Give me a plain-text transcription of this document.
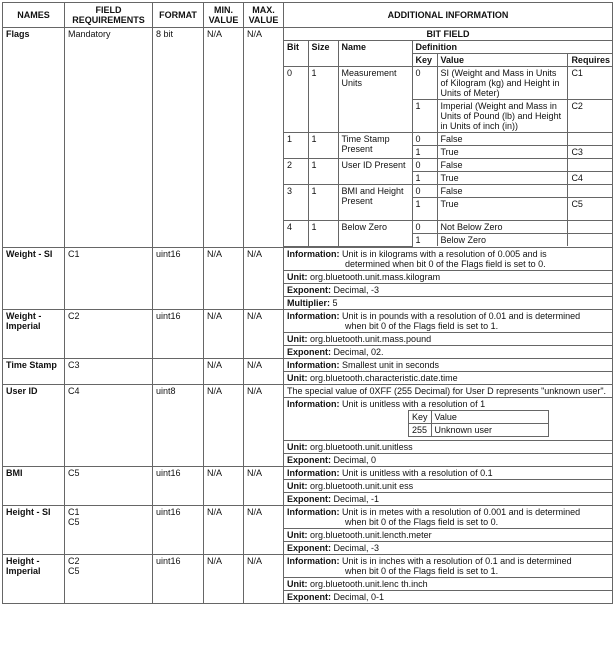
NAMES	FIELD REQUIREMENTS	FORMAT	MIN. VALUE	MAX. VALUE	ADDITIONAL INFORMATION
Flags	Mandatory	8 bit	N/A	N/A		BIT FIELD
Bit	Size	Name	Definition
Key	Value	Requires
0	1	Measurement Units	0	SI (Weight and Mass in Units of Kilogram (kg) and Height in Units of Meter)	C1
1	Imperial (Weight and Mass in Units of Pound (lb) and Height in Units of inch (in))	C2
1	1	Time Stamp Present	0	False	
1	True	C3
2	1	User ID Present	0	False	
1	True	C4
3	1	BMI and Height Present	0	False	
1	True	C5
4	1	Below Zero	0	Not Below Zero	
1	Below Zero	

Weight - SI	C1	uint16	N/A	N/A	Information: Unit is in kilograms with a resolution of 0.005 and is
determined when bit 0 of the Flags field is set to 0.
Unit: org.bluetooth.unit.mass.kilogram
Exponent: Decimal, -3
Multiplier: 5

Weight - Imperial	C2	uint16	N/A	N/A	Information: Unit is in pounds with a resolution of 0.01 and is determined
when bit 0 of the Flags field is set to 1.
Unit: org.bluetooth.unit.mass.pound
Exponent: Decimal, 02.

Time Stamp	C3		N/A	N/A	Information: Smallest unit in seconds
Unit: org.bluetooth.characteristic.date.time

User ID	C4	uint8	N/A	N/A	The special value of 0XFF (255 Decimal) for User D represents "unknown user".
Information: Unit is unitless with a resolution of 1
Key	Value
255	Unknown user
Unit: org.bluetooth.unit.unitless
Exponent: Decimal, 0

BMI	C5	uint16	N/A	N/A	Information: Unit is unitless with a resolution of 0.1
Unit: org.bluetooth.unit.unit ess
Exponent: Decimal, -1

Height - SI	C1
C5
	uint16	N/A	N/A	Information: Unit is in metes with a resolution of 0.001 and is determined
when bit 0 of the Flags field is set to 0.
Unit: org.bluetooth.unit.lencth.meter
Exponent: Decimal, -3

Height - Imperial	
C2
C5
	uint16	N/A	N/A	Information: Unit is in inches with a resolution of 0.1 and is determined
when bit 0 of the Flags field is set to 1.
Unit: org.bluetooth.unit.lenc th.inch
Exponent: Decimal, 0-1
